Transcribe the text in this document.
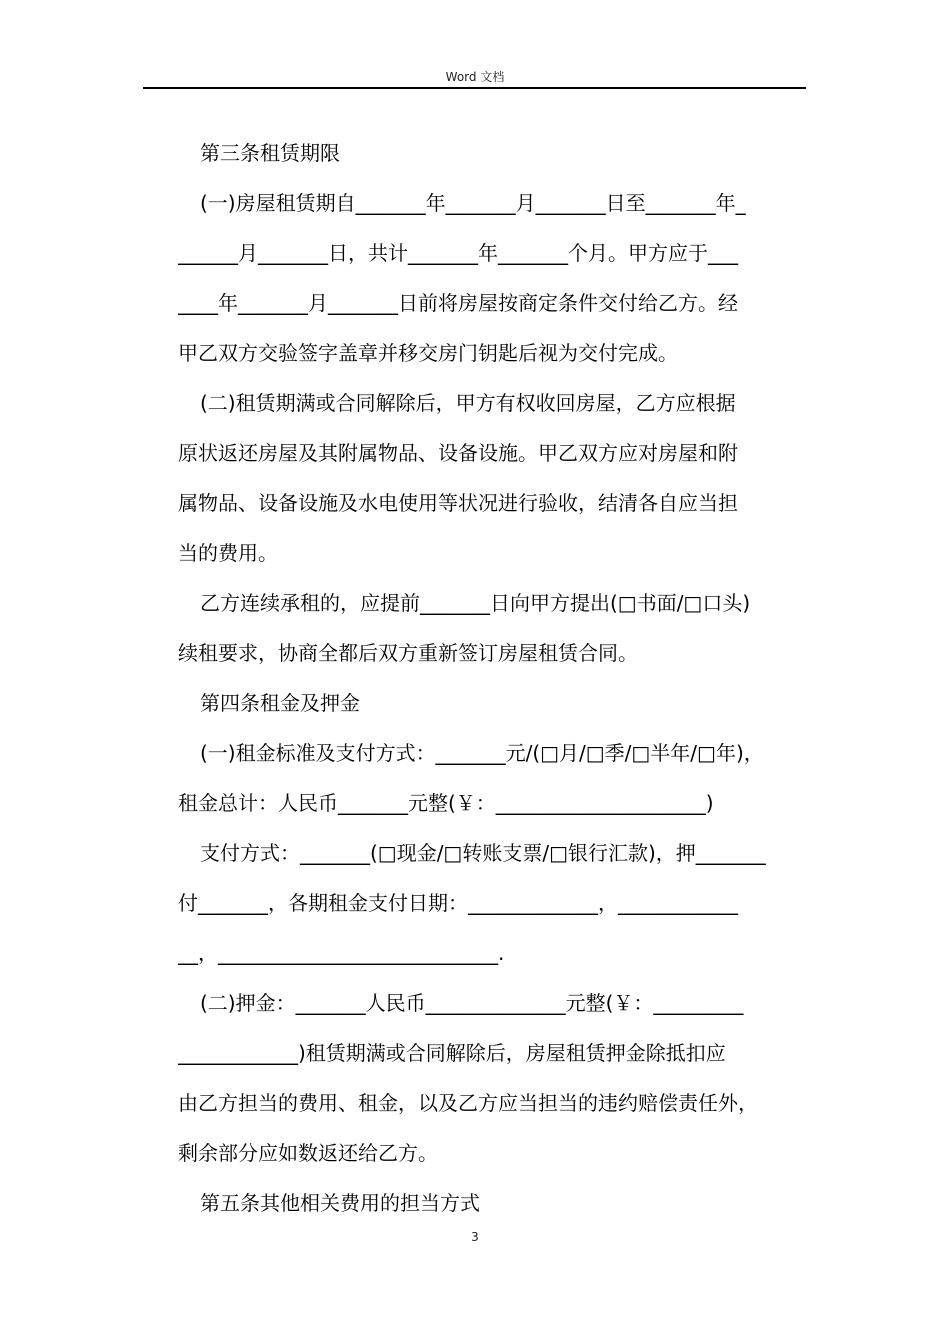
Word 文档
第三条租赁期限
(一)房屋租赁期自_______年_______月_______日至_______年_
______月_______日，共计_______年_______个月。甲方应于___
____年_______月_______日前将房屋按商定条件交付给乙方。经
甲乙双方交验签字盖章并移交房门钥匙后视为交付完成。
(二)租赁期满或合同解除后，甲方有权收回房屋，乙方应根据
原状返还房屋及其附属物品、设备设施。甲乙双方应对房屋和附
属物品、设备设施及水电使用等状况进行验收，结清各自应当担
当的费用。
乙方连续承租的，应提前_______日向甲方提出(□书面/□口头)
续租要求，协商全都后双方重新签订房屋租赁合同。
第四条租金及押金
(一)租金标准及支付方式：_______元/(□月/□季/□半年/□年)，
租金总计：人民币_______元整(￥：_____________________)
支付方式：_______(□现金/□转账支票/□银行汇款)，押_______
付_______，各期租金支付日期：_____________，____________
__，____________________________.
(二)押金：_______人民币______________元整(￥：_________
____________)租赁期满或合同解除后，房屋租赁押金除抵扣应
由乙方担当的费用、租金，以及乙方应当担当的违约赔偿责任外，
剩余部分应如数返还给乙方。
第五条其他相关费用的担当方式
3
